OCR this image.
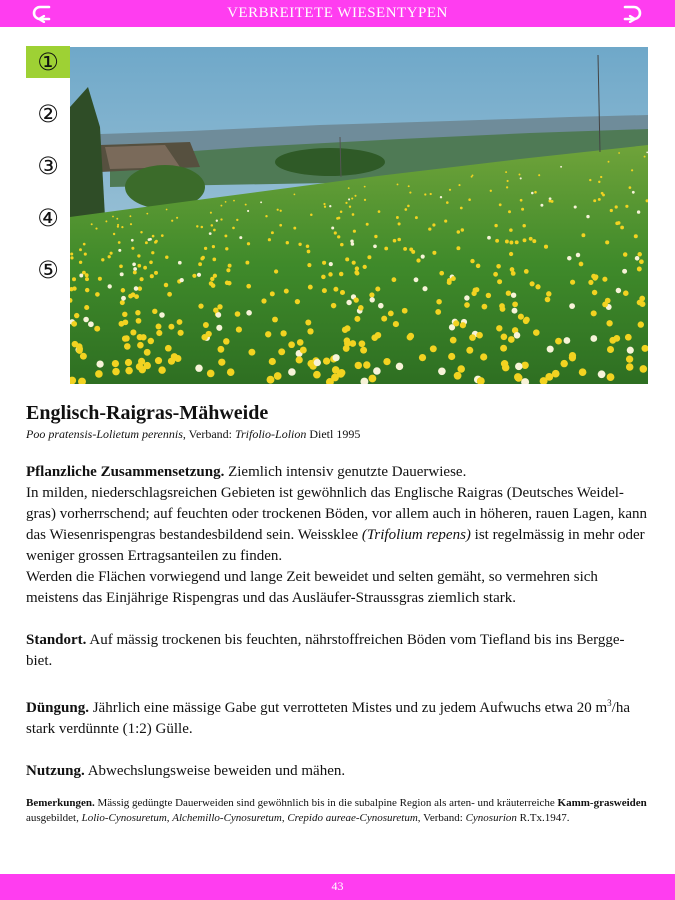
VERBREITETE WIESENTYPEN
①
②
③
④
⑤
Englisch-Raigras-Mähweide
Poo pratensis-Lolietum perennis, Verband: Trifolio-Lolion Dietl 1995

Pflanzliche Zusammensetzung. Ziemlich intensiv genutzte Dauerwiese.

In milden, niederschlagsreichen Gebieten ist gewöhnlich das Englische Raigras (Deutsches Weidel-gras) vorherrschend; auf feuchten oder trockenen Böden, vor allem auch in höheren, rauen Lagen, kann das Wiesenrispengras bestandesbildend sein. Weissklee (Trifolium repens) ist regelmässig in mehr oder weniger grossen Ertragsanteilen zu finden.

Werden die Flächen vorwiegend und lange Zeit beweidet und selten gemäht, so vermehren sich meistens das Einjährige Rispengras und das Ausläufer-Straussgras ziemlich stark.

Standort. Auf mässig trockenen bis feuchten, nährstoffreichen Böden vom Tiefland bis ins Bergge-biet.

Düngung. Jährlich eine mässige Gabe gut verrotteten Mistes und zu jedem Aufwuchs etwa 20 $m^3/ha$ stark verdünnte (1:2) Gülle.

Nutzung. Abwechslungsweise beweiden und mähen.

Bemerkungen. Mässig gedüngte Dauerweiden sind gewöhnlich bis in die subalpine Region als arten- und kräuterreiche Kamm-grasweiden ausgebildet, Lolio-Cynosuretum, Alchemillo-Cynosuretum, Crepido aureae-Cynosuretum, Verband: Cynosurion R.Tx.1947.

43
